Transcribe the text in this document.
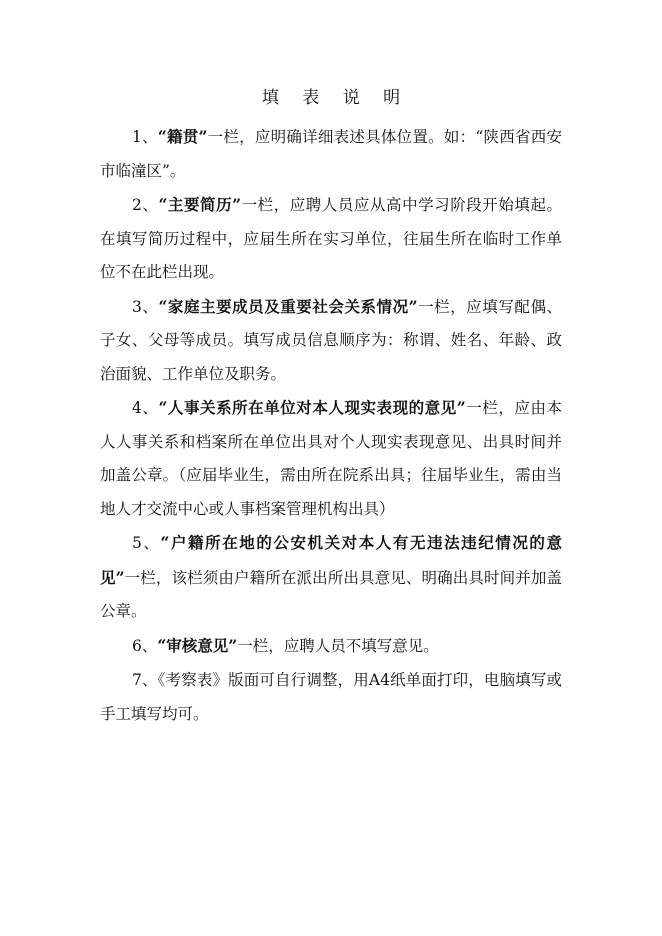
填 表 说 明

1、“籍贯”一栏，应明确详细表述具体位置。如：“陕西省西安市临潼区”。

2、“主要简历”一栏，应聘人员应从高中学习阶段开始填起。在填写简历过程中，应届生所在实习单位，往届生所在临时工作单位不在此栏出现。

3、“家庭主要成员及重要社会关系情况”一栏，应填写配偶、子女、父母等成员。填写成员信息顺序为：称谓、姓名、年龄、政治面貌、工作单位及职务。

4、“人事关系所在单位对本人现实表现的意见”一栏，应由本人人事关系和档案所在单位出具对个人现实表现意见、出具时间并加盖公章。（应届毕业生，需由所在院系出具；往届毕业生，需由当地人才交流中心或人事档案管理机构出具）

5、“户籍所在地的公安机关对本人有无违法违纪情况的意见”一栏，该栏须由户籍所在派出所出具意见、明确出具时间并加盖公章。

6、“审核意见”一栏，应聘人员不填写意见。

7、《考察表》版面可自行调整，用A4纸单面打印，电脑填写或手工填写均可。
